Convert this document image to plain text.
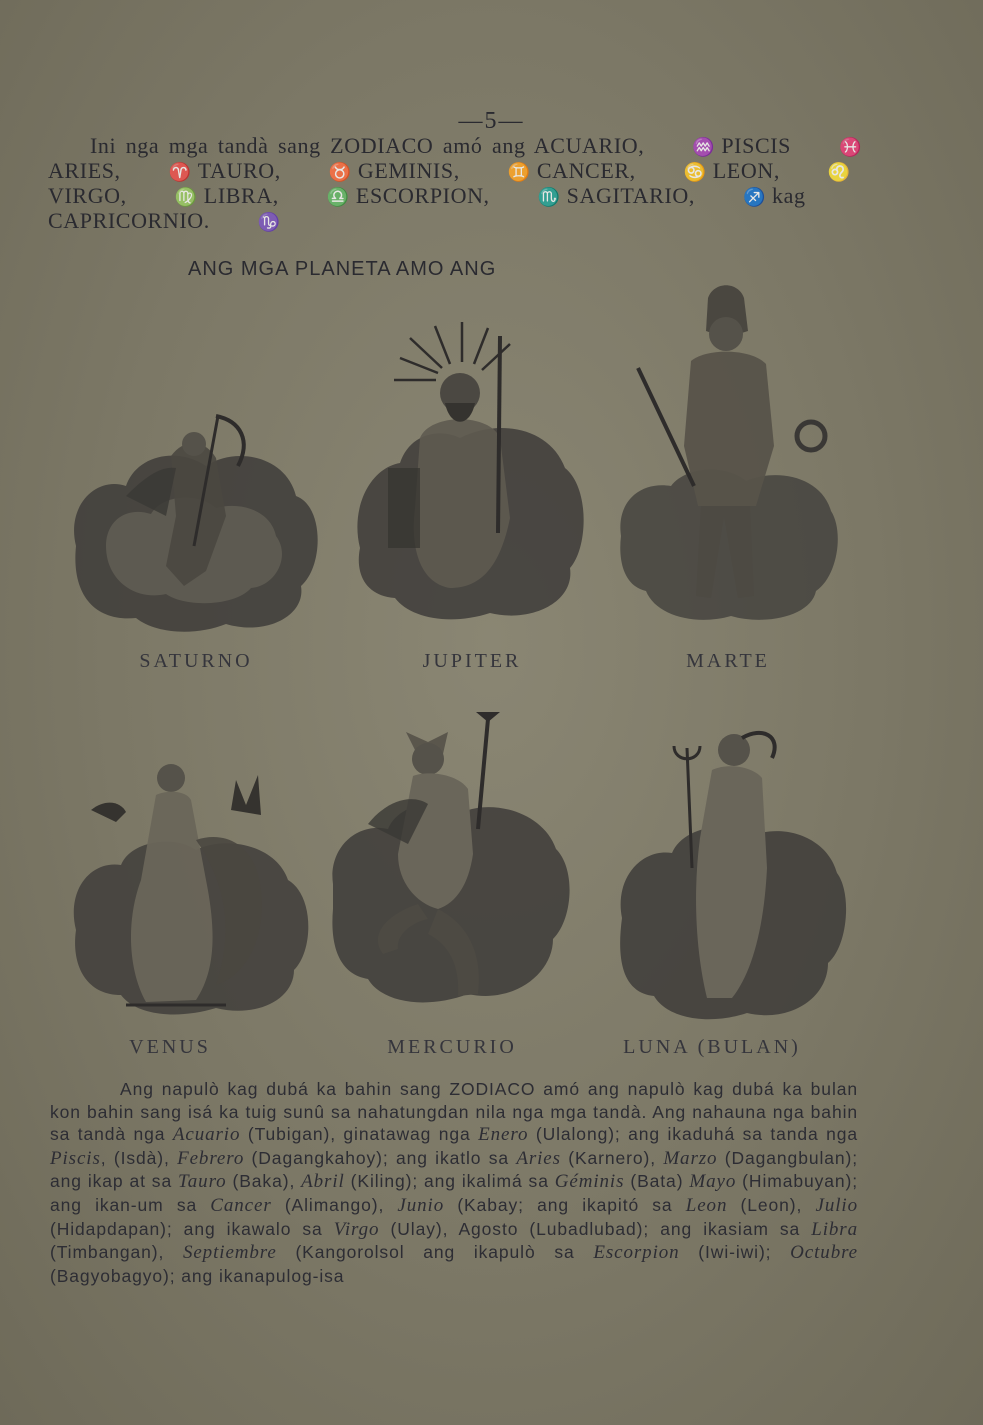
—5—
Ini nga mga tandà sang ZODIACO amó ang ACUARIO,	♒ PISCIS	♓ ARIES,	♈ TAURO,	♉ GEMINIS,	♊ CANCER,	♋ LEON,	♌VIRGO,	♍ LIBRA,	♎ ESCORPION,	♏ SAGITARIO,	♐ kag CAPRICORNIO.	♑
ANG MGA PLANETA AMO ANG
SATURNO	JUPITER	MARTE
VENUS	MERCURIO	LUNA (BULAN)
Ang napulò kag dubá ka bahin sang ZODIACO amó ang napulò kag dubá ka bulan kon bahin sang isá ka tuig sunû sa nahatungdan nila nga mga tandà. Ang nahauna nga bahin sa tandà nga Acuario (Tubigan), ginatawag nga Enero (Ulalong); ang ikaduhá sa tanda nga Piscis, (Isdà), Febrero (Dagangkahoy); ang ikatlo sa Aries (Karnero), Marzo (Dagangbulan); ang ikap at sa Tauro (Baka), Abril (Kiling); ang ikalimá sa Géminis (Bata) Mayo (Himabuyan); ang ikan-um sa Cancer (Alimango), Junio (Kabay; ang ikapitó sa Leon (Leon), Julio (Hidapdapan); ang ikawalo sa Virgo (Ulay), Agosto (Lubadlubad); ang ikasiam sa Libra (Timbangan), Septiembre (Kangorolsol ang ikapulò sa Escorpion (Iwi-iwi); Octubre (Bagyobagyo); ang ikanapulog-isa
